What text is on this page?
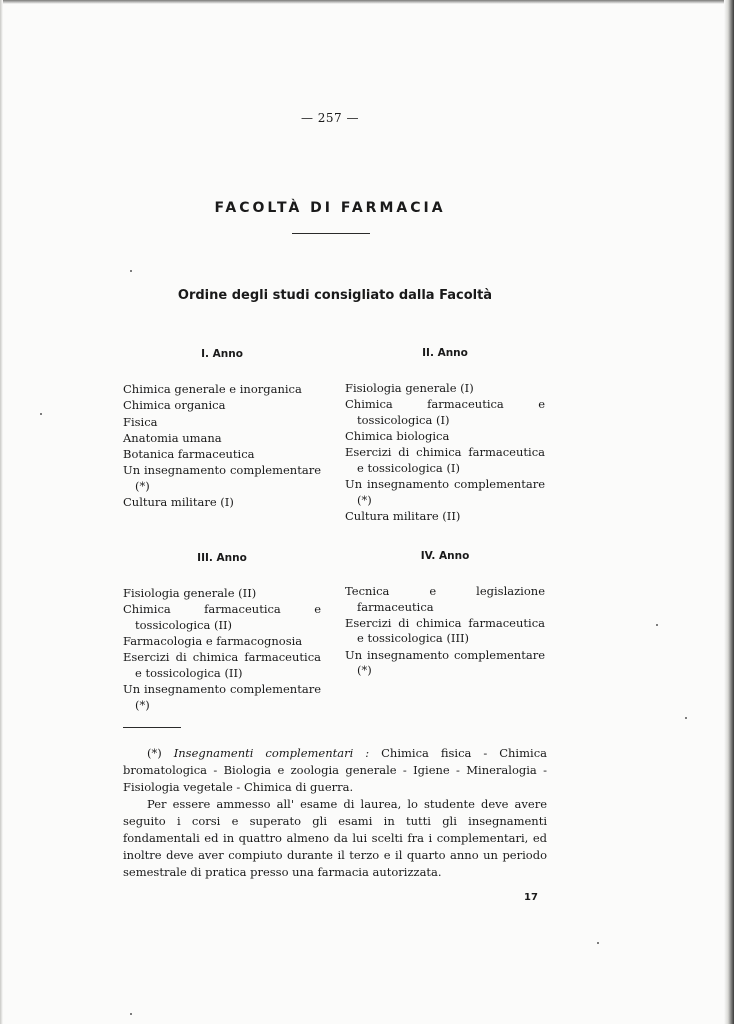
— 257 —
FACOLTÀ DI FARMACIA
Ordine degli studi consigliato dalla Facoltà
I. Anno
Chimica generale e inorganica
Chimica organica
Fisica
Anatomia umana
Botanica farmaceutica
Un insegnamento complementare (*)
Cultura militare (I)
II. Anno
Fisiologia generale (I)
Chimica farmaceutica e tossicologica (I)
Chimica biologica
Esercizi di chimica farmaceutica e tossicologica (I)
Un insegnamento complementare (*)
Cultura militare (II)
III. Anno
Fisiologia generale (II)
Chimica farmaceutica e tossicologica (II)
Farmacologia e farmacognosia
Esercizi di chimica farmaceutica e tossicologica (II)
Un insegnamento complementare (*)
IV. Anno
Tecnica e legislazione farmaceutica
Esercizi di chimica farmaceutica e tossicologica (III)
Un insegnamento complementare (*)

(*) Insegnamenti complementari : Chimica fisica - Chimica bromatologica - Biologia e zoologia generale - Igiene - Mineralogia - Fisiologia vegetale - Chimica di guerra.

Per essere ammesso all' esame di laurea, lo studente deve avere seguito i corsi e superato gli esami in tutti gli insegnamenti fondamentali ed in quattro almeno da lui scelti fra i complementari, ed inoltre deve aver compiuto durante il terzo e il quarto anno un periodo semestrale di pratica presso una farmacia autorizzata.

17
